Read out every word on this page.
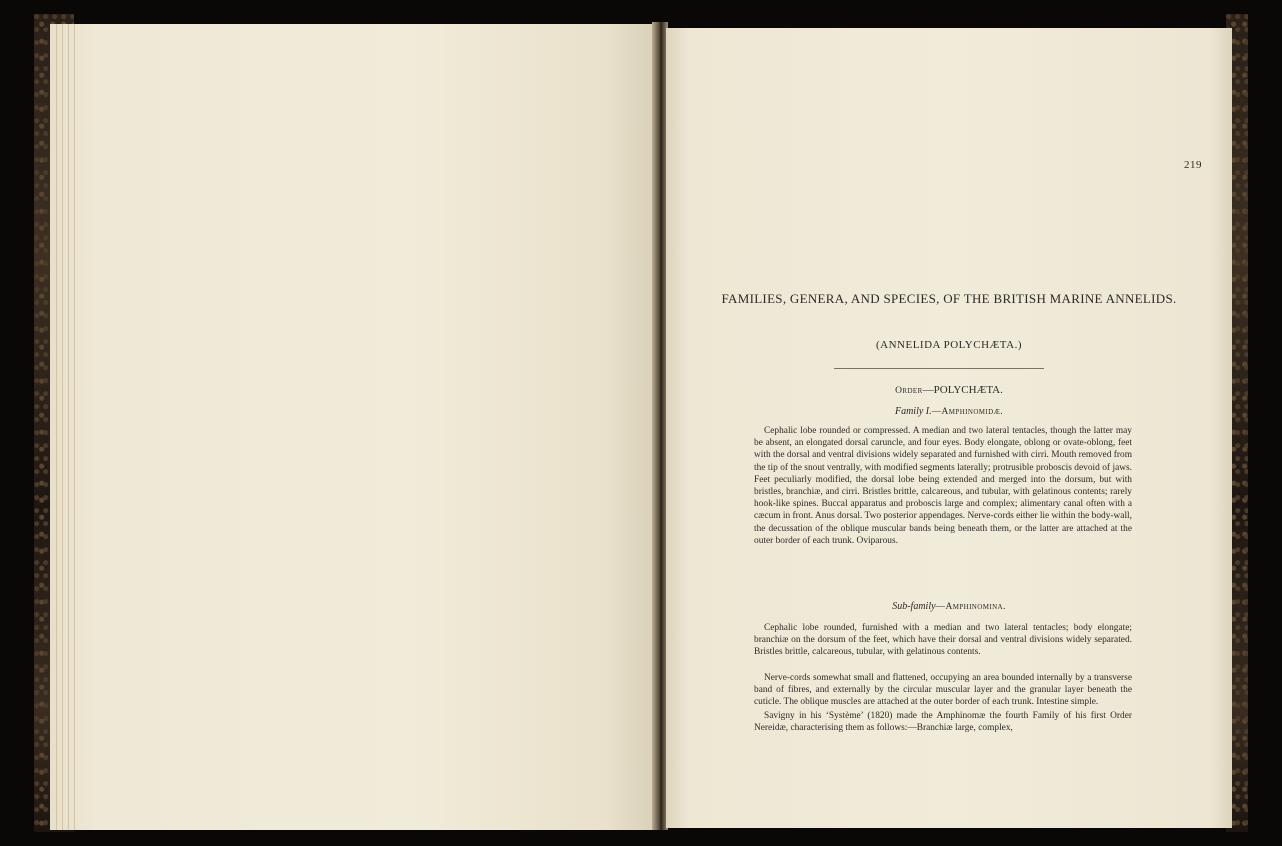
219
FAMILIES, GENERA, AND SPECIES, OF THE BRITISH MARINE ANNELIDS.
(ANNELIDA POLYCHÆTA.)
Order—POLYCHÆTA.
Family I.—Amphinomidæ.

Cephalic lobe rounded or compressed. A median and two lateral tentacles, though the latter may be absent, an elongated dorsal caruncle, and four eyes. Body elongate, oblong or ovate-oblong, feet with the dorsal and ventral divisions widely separated and furnished with cirri. Mouth removed from the tip of the snout ventrally, with modified segments laterally; protrusible proboscis devoid of jaws. Feet peculiarly modified, the dorsal lobe being extended and merged into the dorsum, but with bristles, branchiæ, and cirri. Bristles brittle, calcareous, and tubular, with gelatinous contents; rarely hook-like spines. Buccal apparatus and proboscis large and complex; alimentary canal often with a cæcum in front. Anus dorsal. Two posterior appendages. Nerve-cords either lie within the body-wall, the decussation of the oblique muscular bands being beneath them, or the latter are attached at the outer border of each trunk. Oviparous.

Sub-family—Amphinomina.

Cephalic lobe rounded, furnished with a median and two lateral tentacles; body elongate; branchiæ on the dorsum of the feet, which have their dorsal and ventral divisions widely separated. Bristles brittle, calcareous, tubular, with gelatinous contents.

Nerve-cords somewhat small and flattened, occupying an area bounded internally by a transverse band of fibres, and externally by the circular muscular layer and the granular layer beneath the cuticle. The oblique muscles are attached at the outer border of each trunk. Intestine simple.

Savigny in his ‘Système’ (1820) made the Amphinomæ the fourth Family of his first Order Nereidæ, characterising them as follows:—Branchiæ large, complex,
